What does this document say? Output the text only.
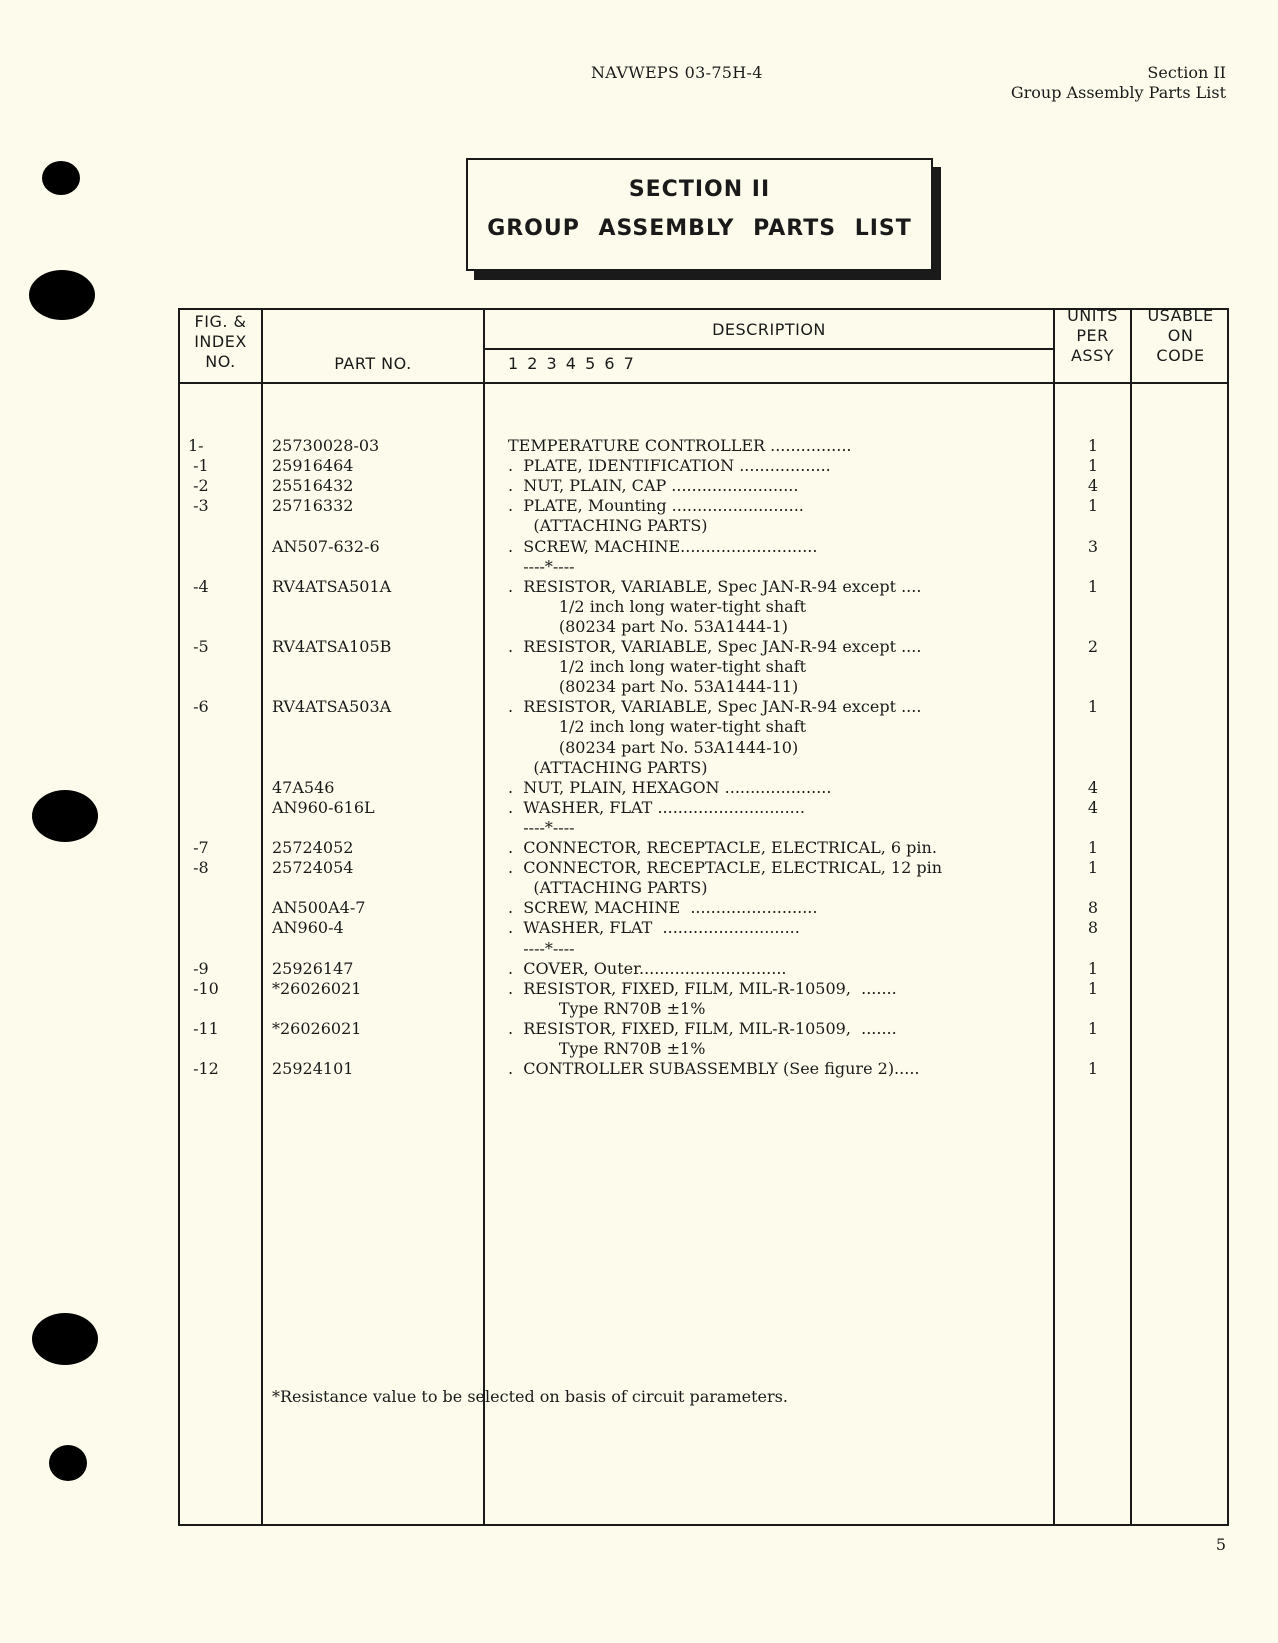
NAVWEPS 03-75H-4	Section II
Group Assembly Parts List
SECTION II
GROUP ASSEMBLY PARTS LIST
FIG. &
INDEX
NO.	PART NO.
DESCRIPTION
1 2 3 4 5 6 7
UNITS
PER
ASSY
USABLE
ON
CODE
1-	25730028-03	TEMPERATURE CONTROLLER ................	1
-1	25916464	.  PLATE, IDENTIFICATION ..................	1
-2	25516432	.  NUT, PLAIN, CAP .........................	4
-3	25716332	.  PLATE, Mounting ..........................	1
(ATTACHING PARTS)
AN507-632-6	.  SCREW, MACHINE...........................	3
----*----
-4	RV4ATSA501A	.  RESISTOR, VARIABLE, Spec JAN-R-94 except ....	1
1/2 inch long water-tight shaft
(80234 part No. 53A1444-1)
-5	RV4ATSA105B	.  RESISTOR, VARIABLE, Spec JAN-R-94 except ....	2
1/2 inch long water-tight shaft
(80234 part No. 53A1444-11)
-6	RV4ATSA503A	.  RESISTOR, VARIABLE, Spec JAN-R-94 except ....	1
1/2 inch long water-tight shaft
(80234 part No. 53A1444-10)
(ATTACHING PARTS)
47A546	.  NUT, PLAIN, HEXAGON .....................	4
AN960-616L	.  WASHER, FLAT .............................	4
----*----
-7	25724052	.  CONNECTOR, RECEPTACLE, ELECTRICAL, 6 pin.	1
-8	25724054	.  CONNECTOR, RECEPTACLE, ELECTRICAL, 12 pin	1
(ATTACHING PARTS)
AN500A4-7	.  SCREW, MACHINE  .........................	8
AN960-4	.  WASHER, FLAT  ...........................	8
----*----
-9	25926147	.  COVER, Outer.............................	1
-10	*26026021	.  RESISTOR, FIXED, FILM, MIL-R-10509,  .......	1
Type RN70B ±1%
-11	*26026021	.  RESISTOR, FIXED, FILM, MIL-R-10509,  .......	1
Type RN70B ±1%
-12	25924101	.  CONTROLLER SUBASSEMBLY (See figure 2).....	1
*Resistance value to be selected on basis of circuit parameters.
5
